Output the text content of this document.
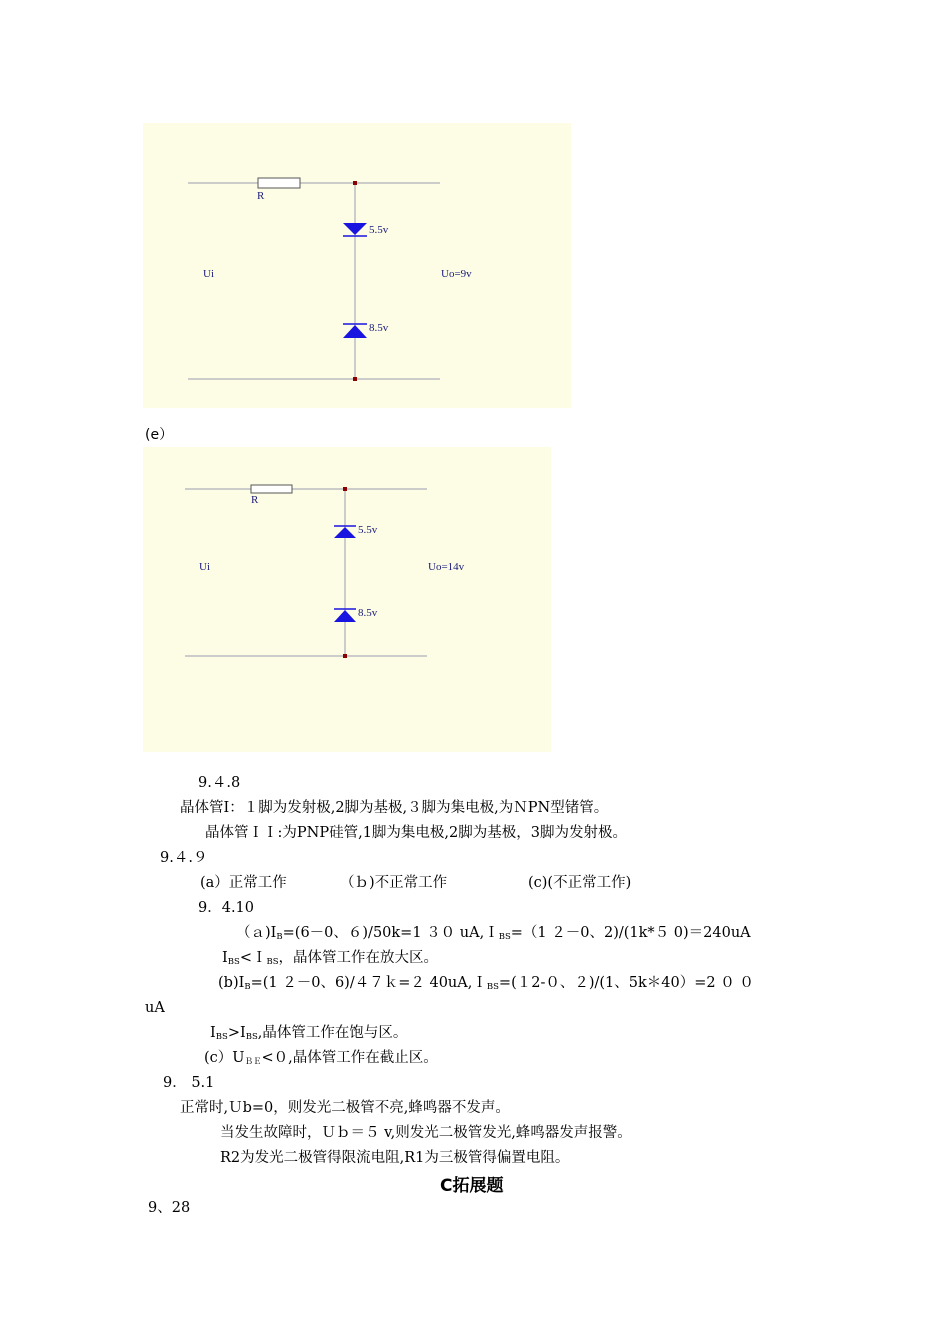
R
5.5v
Ui	Uo=9v
8.5v
(e）
R
5.5v
Ui	Uo=14v
8.5v
9.４.8
晶体管Ⅰ：１脚为发射极,2脚为基极,３脚为集电极,为ＮPN型锗管。
晶体管ＩＩ:为PNP硅管,1脚为集电极,2脚为基极，3脚为发射极。
9.４.９
(a）正常工作	（ｂ)不正常工作	(c)(不正常工作)
9．4.10
$(a)I_B=(6-0$、６)/50k=1 ３０ uA,Ｉ$_{BS}$=（1 ２－0、2)/(1k*５ 0)＝240uA
$I_{BS}<I_{BS}$，晶体管工作在放大区。
$(b)I_B=(1$ ２－0、6)/４７ｋ=２ 40uA,Ｉ$_{BS}$=(１2-０、２)/(1、5k＊40）=2 ０ ０
uA
$I_{BS}>I_{BS}$,晶体管工作在饱与区。
$(c)U_{BE}<0$,晶体管工作在截止区。
9． 5.1
正常时,Ｕb=0，则发光二极管不亮,蜂鸣器不发声。
当发生故障时，Ｕｂ＝５ v,则发光二极管发光,蜂鸣器发声报警。
R2为发光二极管得限流电阻,R1为三极管得偏置电阻。
C拓展题
9、28
